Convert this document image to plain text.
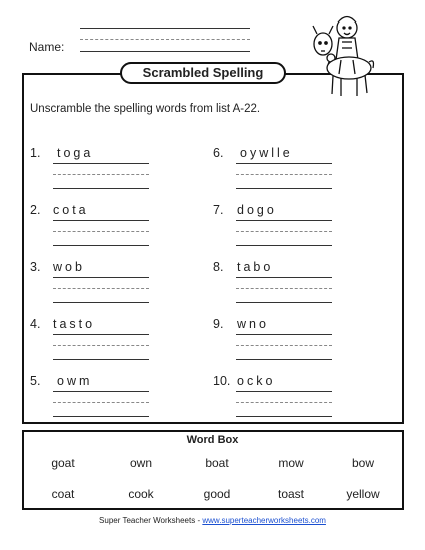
Name:
Scrambled Spelling
Unscramble the spelling words from list A-22.
1. toga
2. cota
3. wob
4. tasto
5. owm
6. oywlle
7. dogo
8. tabo
9. wno
10. ocko
Word Box
goat	own	boat	mow	bow
coat	cook	good	toast	yellow
Super Teacher Worksheets - www.superteacherworksheets.com
